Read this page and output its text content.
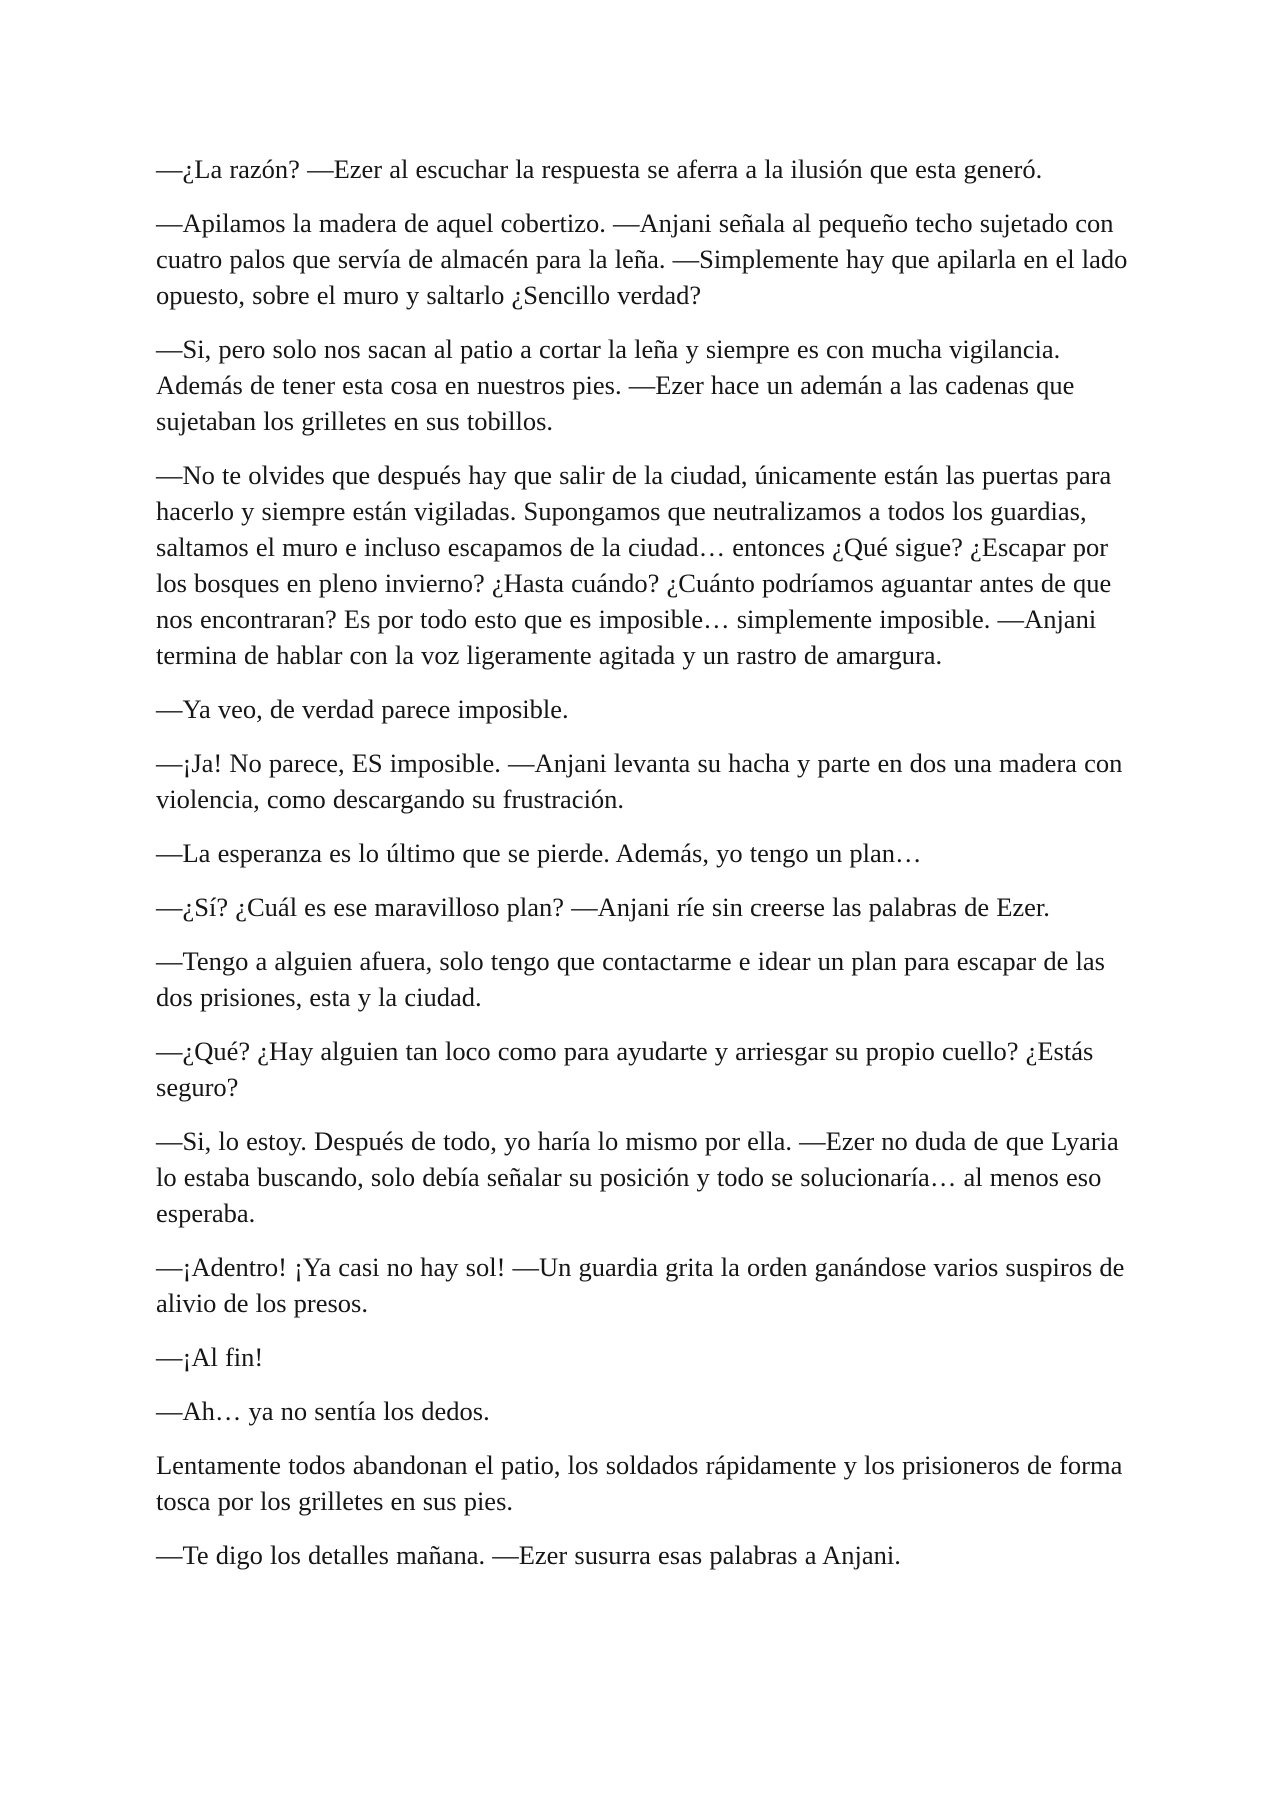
—¿La razón? —Ezer al escuchar la respuesta se aferra a la ilusión que esta generó.

—Apilamos la madera de aquel cobertizo. —Anjani señala al pequeño techo sujetado con cuatro palos que servía de almacén para la leña. —Simplemente hay que apilarla en el lado opuesto, sobre el muro y saltarlo ¿Sencillo verdad?

—Si, pero solo nos sacan al patio a cortar la leña y siempre es con mucha vigilancia. Además de tener esta cosa en nuestros pies. —Ezer hace un ademán a las cadenas que sujetaban los grilletes en sus tobillos.

—No te olvides que después hay que salir de la ciudad, únicamente están las puertas para hacerlo y siempre están vigiladas. Supongamos que neutralizamos a todos los guardias, saltamos el muro e incluso escapamos de la ciudad… entonces ¿Qué sigue? ¿Escapar por los bosques en pleno invierno? ¿Hasta cuándo? ¿Cuánto podríamos aguantar antes de que nos encontraran? Es por todo esto que es imposible… simplemente imposible. —Anjani termina de hablar con la voz ligeramente agitada y un rastro de amargura.

—Ya veo, de verdad parece imposible.

—¡Ja! No parece, ES imposible. —Anjani levanta su hacha y parte en dos una madera con violencia, como descargando su frustración.

—La esperanza es lo último que se pierde. Además, yo tengo un plan…

—¿Sí? ¿Cuál es ese maravilloso plan? —Anjani ríe sin creerse las palabras de Ezer.

—Tengo a alguien afuera, solo tengo que contactarme e idear un plan para escapar de las dos prisiones, esta y la ciudad.

—¿Qué? ¿Hay alguien tan loco como para ayudarte y arriesgar su propio cuello? ¿Estás seguro?

—Si, lo estoy. Después de todo, yo haría lo mismo por ella. —Ezer no duda de que Lyaria lo estaba buscando, solo debía señalar su posición y todo se solucionaría… al menos eso esperaba.

—¡Adentro! ¡Ya casi no hay sol! —Un guardia grita la orden ganándose varios suspiros de alivio de los presos.

—¡Al fin!

—Ah… ya no sentía los dedos.

Lentamente todos abandonan el patio, los soldados rápidamente y los prisioneros de forma tosca por los grilletes en sus pies.

—Te digo los detalles mañana. —Ezer susurra esas palabras a Anjani.
